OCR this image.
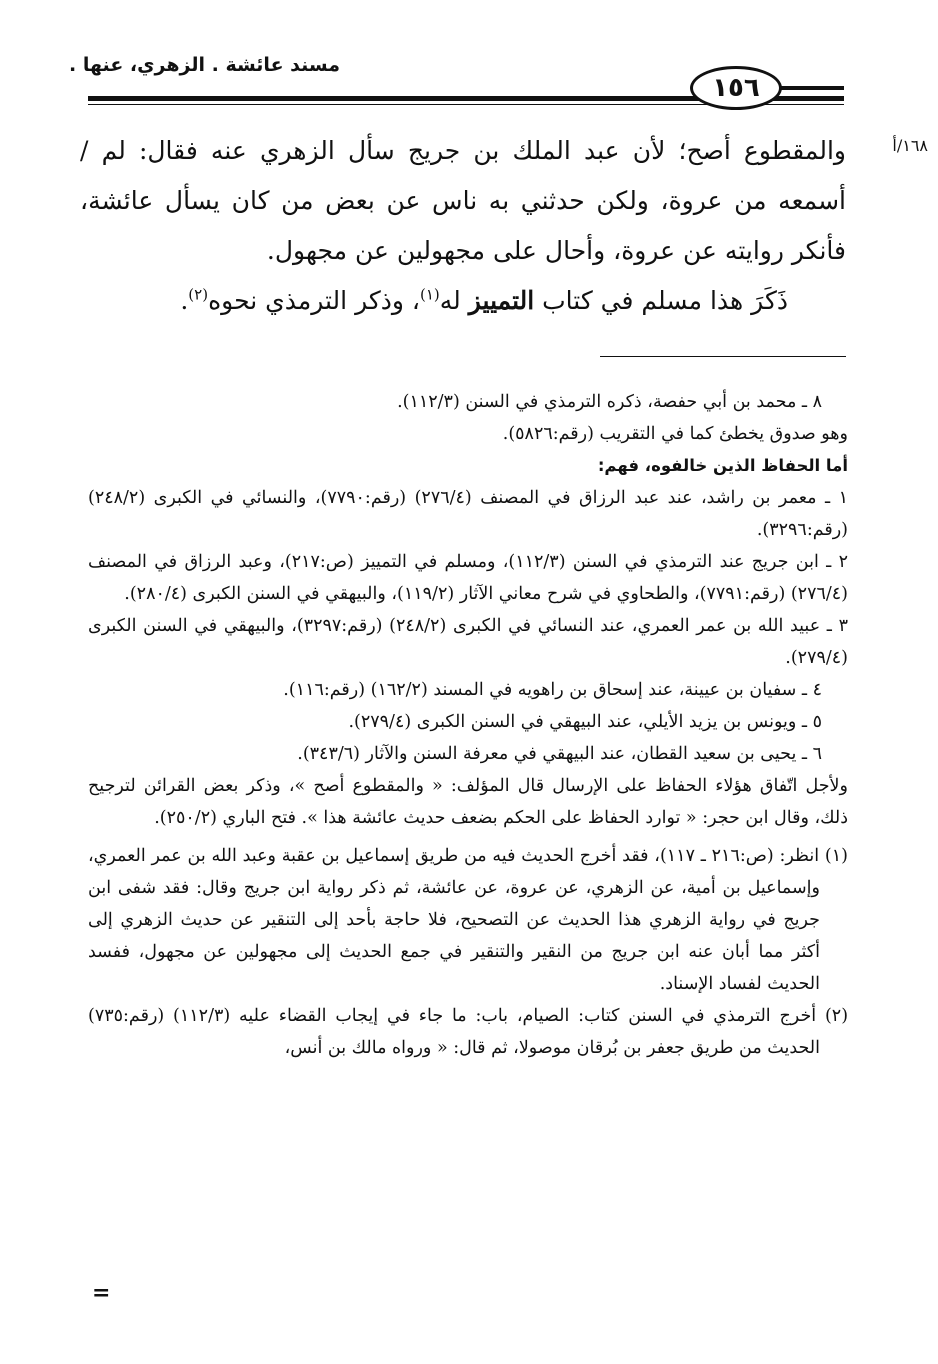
مسند عائشة . الزهري، عنها .
١٥٦
١٦٨/أ

والمقطوع أصح؛ لأن عبد الملك بن جريج سأل الزهري عنه فقال: لم / أسمعه من عروة، ولكن حدثني به ناس عن بعض من كان يسأل عائشة، فأنكر روايته عن عروة، وأحال على مجهولين عن مجهول.

ذَكَرَ هذا مسلم في كتاب التمييز له$^{(١)}$، وذكر الترمذي نحوه$^{(٢)}$.

٨ ـ محمد بن أبي حفصة، ذكره الترمذي في السنن (١١٢/٣).

وهو صدوق يخطئ كما في التقريب (رقم:٥٨٢٦).

أما الحفاظ الذين خالفوه، فهم:

١ ـ معمر بن راشد، عند عبد الرزاق في المصنف (٢٧٦/٤) (رقم:٧٧٩٠)، والنسائي في الكبرى (٢٤٨/٢) (رقم:٣٢٩٦).

٢ ـ ابن جريج عند الترمذي في السنن (١١٢/٣)، ومسلم في التمييز (ص:٢١٧)، وعبد الرزاق في المصنف (٢٧٦/٤) (رقم:٧٧٩١)، والطحاوي في شرح معاني الآثار (١١٩/٢)، والبيهقي في السنن الكبرى (٢٨٠/٤).

٣ ـ عبيد الله بن عمر العمري، عند النسائي في الكبرى (٢٤٨/٢) (رقم:٣٢٩٧)، والبيهقي في السنن الكبرى (٢٧٩/٤).

٤ ـ سفيان بن عيينة، عند إسحاق بن راهويه في المسند (١٦٢/٢) (رقم:١١٦).

٥ ـ ويونس بن يزيد الأيلي، عند البيهقي في السنن الكبرى (٢٧٩/٤).

٦ ـ يحيى بن سعيد القطان، عند البيهقي في معرفة السنن والآثار (٣٤٣/٦).

ولأجل اتّفاق هؤلاء الحفاظ على الإرسال قال المؤلف: « والمقطوع أصح »، وذكر بعض القرائن لترجيح ذلك، وقال ابن حجر: « توارد الحفاظ على الحكم بضعف حديث عائشة هذا ». فتح الباري (٢٥٠/٢).

(١) انظر: (ص:٢١٦ ـ ١١٧)، فقد أخرج الحديث فيه من طريق إسماعيل بن عقبة وعبد الله بن عمر العمري، وإسماعيل بن أمية، عن الزهري، عن عروة، عن عائشة، ثم ذكر رواية ابن جريج وقال: فقد شفى ابن جريج في رواية الزهري هذا الحديث عن التصحيح، فلا حاجة بأحد إلى التنقير عن حديث الزهري إلى أكثر مما أبان عنه ابن جريج من النقير والتنقير في جمع الحديث إلى مجهولين عن مجهول، ففسد الحديث لفساد الإسناد.

(٢) أخرج الترمذي في السنن كتاب: الصيام، باب: ما جاء في إيجاب القضاء عليه (١١٢/٣) (رقم:٧٣٥) الحديث من طريق جعفر بن بُرقان موصولا، ثم قال: « ورواه مالك بن أنس،

=
